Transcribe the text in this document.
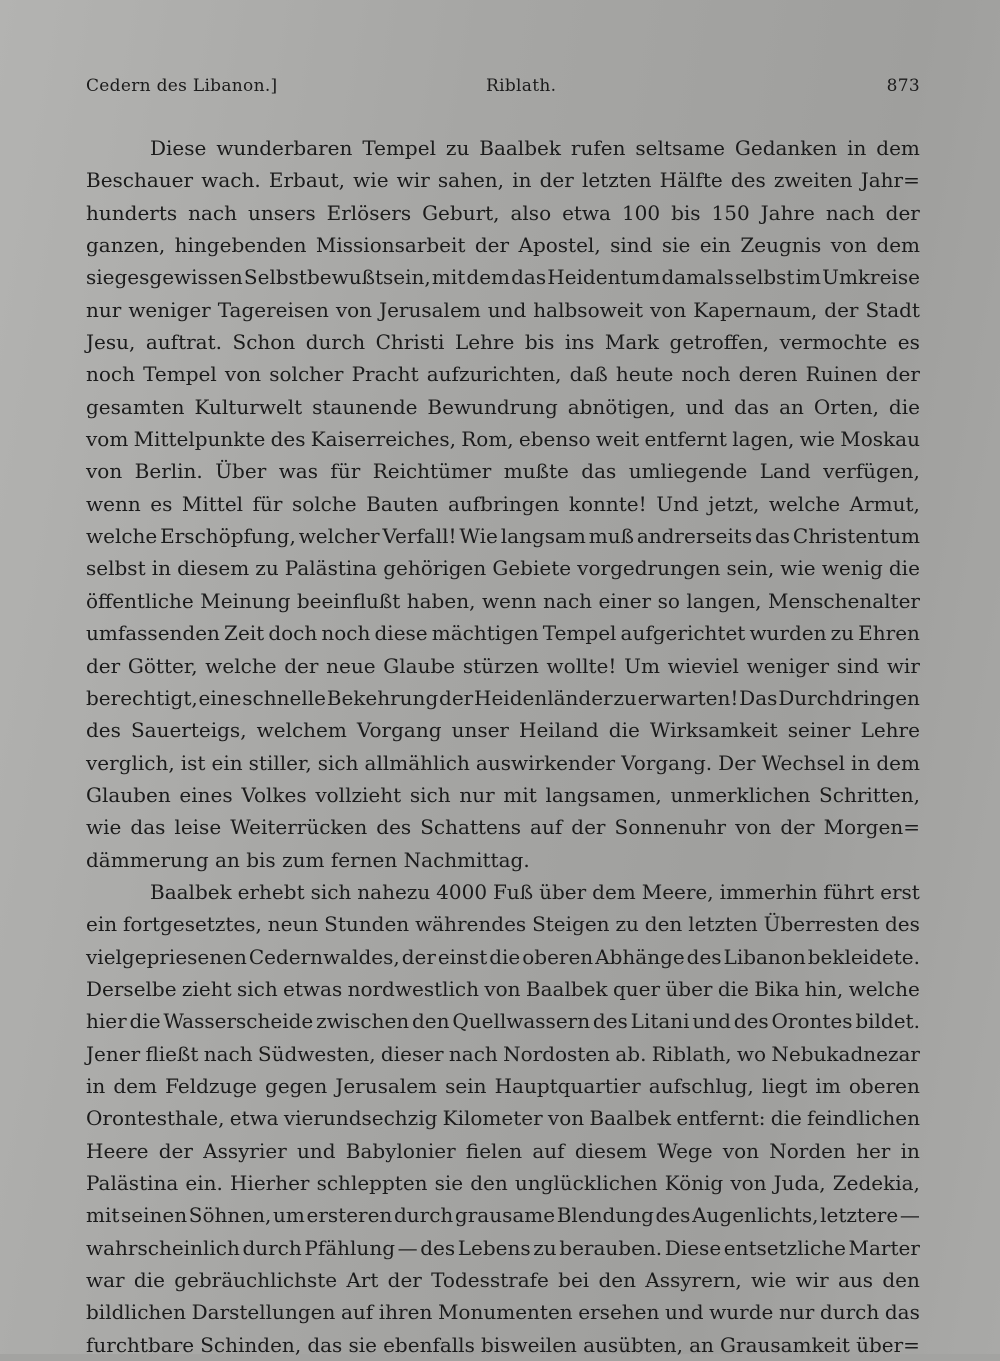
Cedern des Libanon.]	Riblath.	873
Diese wunderbaren Tempel zu Baalbek rufen seltsame Gedanken in dem
Beschauer wach. Erbaut, wie wir sahen, in der letzten Hälfte des zweiten Jahr=
hunderts nach unsers Erlösers Geburt, also etwa 100 bis 150 Jahre nach der
ganzen, hingebenden Missionsarbeit der Apostel, sind sie ein Zeugnis von dem
siegesgewissen Selbstbewußtsein, mit dem das Heidentum damals selbst im Umkreise
nur weniger Tagereisen von Jerusalem und halbsoweit von Kapernaum, der Stadt
Jesu, auftrat. Schon durch Christi Lehre bis ins Mark getroffen, vermochte es
noch Tempel von solcher Pracht aufzurichten, daß heute noch deren Ruinen der
gesamten Kulturwelt staunende Bewundrung abnötigen, und das an Orten, die
vom Mittelpunkte des Kaiserreiches, Rom, ebenso weit entfernt lagen, wie Moskau
von Berlin. Über was für Reichtümer mußte das umliegende Land verfügen,
wenn es Mittel für solche Bauten aufbringen konnte! Und jetzt, welche Armut,
welche Erschöpfung, welcher Verfall! Wie langsam muß andrerseits das Christentum
selbst in diesem zu Palästina gehörigen Gebiete vorgedrungen sein, wie wenig die
öffentliche Meinung beeinflußt haben, wenn nach einer so langen, Menschenalter
umfassenden Zeit doch noch diese mächtigen Tempel aufgerichtet wurden zu Ehren
der Götter, welche der neue Glaube stürzen wollte! Um wieviel weniger sind wir
berechtigt, eine schnelle Bekehrung der Heidenländer zu erwarten! Das Durchdringen
des Sauerteigs, welchem Vorgang unser Heiland die Wirksamkeit seiner Lehre
verglich, ist ein stiller, sich allmählich auswirkender Vorgang. Der Wechsel in dem
Glauben eines Volkes vollzieht sich nur mit langsamen, unmerklichen Schritten,
wie das leise Weiterrücken des Schattens auf der Sonnenuhr von der Morgen=
dämmerung an bis zum fernen Nachmittag.
Baalbek erhebt sich nahezu 4000 Fuß über dem Meere, immerhin führt erst
ein fortgesetztes, neun Stunden währendes Steigen zu den letzten Überresten des
vielgepriesenen Cedernwaldes, der einst die oberen Abhänge des Libanon bekleidete.
Derselbe zieht sich etwas nordwestlich von Baalbek quer über die Bika hin, welche
hier die Wasserscheide zwischen den Quellwassern des Litani und des Orontes bildet.
Jener fließt nach Südwesten, dieser nach Nordosten ab. Riblath, wo Nebukadnezar
in dem Feldzuge gegen Jerusalem sein Hauptquartier aufschlug, liegt im oberen
Orontesthale, etwa vierundsechzig Kilometer von Baalbek entfernt: die feindlichen
Heere der Assyrier und Babylonier fielen auf diesem Wege von Norden her in
Palästina ein. Hierher schleppten sie den unglücklichen König von Juda, Zedekia,
mit seinen Söhnen, um ersteren durch grausame Blendung des Augenlichts, letztere —
wahrscheinlich durch Pfählung — des Lebens zu berauben. Diese entsetzliche Marter
war die gebräuchlichste Art der Todesstrafe bei den Assyrern, wie wir aus den
bildlichen Darstellungen auf ihren Monumenten ersehen und wurde nur durch das
furchtbare Schinden, das sie ebenfalls bisweilen ausübten, an Grausamkeit über=
